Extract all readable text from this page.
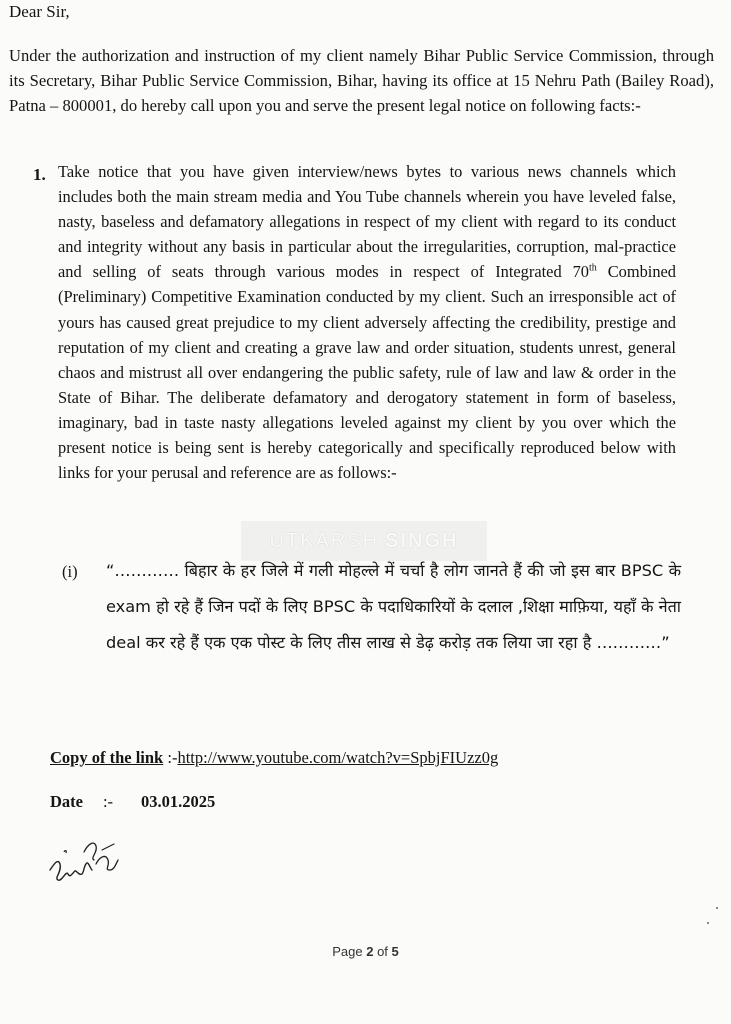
Dear Sir,
Under the authorization and instruction of my client namely Bihar Public Service Commission, through its Secretary, Bihar Public Service Commission, Bihar, having its office at 15 Nehru Path (Bailey Road), Patna – 800001, do hereby call upon you and serve the present legal notice on following facts:-
1. Take notice that you have given interview/news bytes to various news channels which includes both the main stream media and You Tube channels wherein you have leveled false, nasty, baseless and defamatory allegations in respect of my client with regard to its conduct and integrity without any basis in particular about the irregularities, corruption, mal-practice and selling of seats through various modes in respect of Integrated 70th Combined (Preliminary) Competitive Examination conducted by my client. Such an irresponsible act of yours has caused great prejudice to my client adversely affecting the credibility, prestige and reputation of my client and creating a grave law and order situation, students unrest, general chaos and mistrust all over endangering the public safety, rule of law and law & order in the State of Bihar. The deliberate defamatory and derogatory statement in form of baseless, imaginary, bad in taste nasty allegations leveled against my client by you over which the present notice is being sent is hereby categorically and specifically reproduced below with links for your perusal and reference are as follows:-
UTKARSH SINGH
(i) “………… बिहार के हर जिले में गली मोहल्ले में चर्चा है लोग जानते हैं की जो इस बार BPSC के exam हो रहे हैं जिन पदों के लिए BPSC के पदाधिकारियों के दलाल ,शिक्षा माफ़िया, यहाँ के नेता deal कर रहे हैं एक एक पोस्ट के लिए तीस लाख से डेढ़ करोड़ तक लिया जा रहा है …………”
Copy of the link :-http://www.youtube.com/watch?v=SpbjFIUzz0g
Date :- 03.01.2025
Page 2 of 5
